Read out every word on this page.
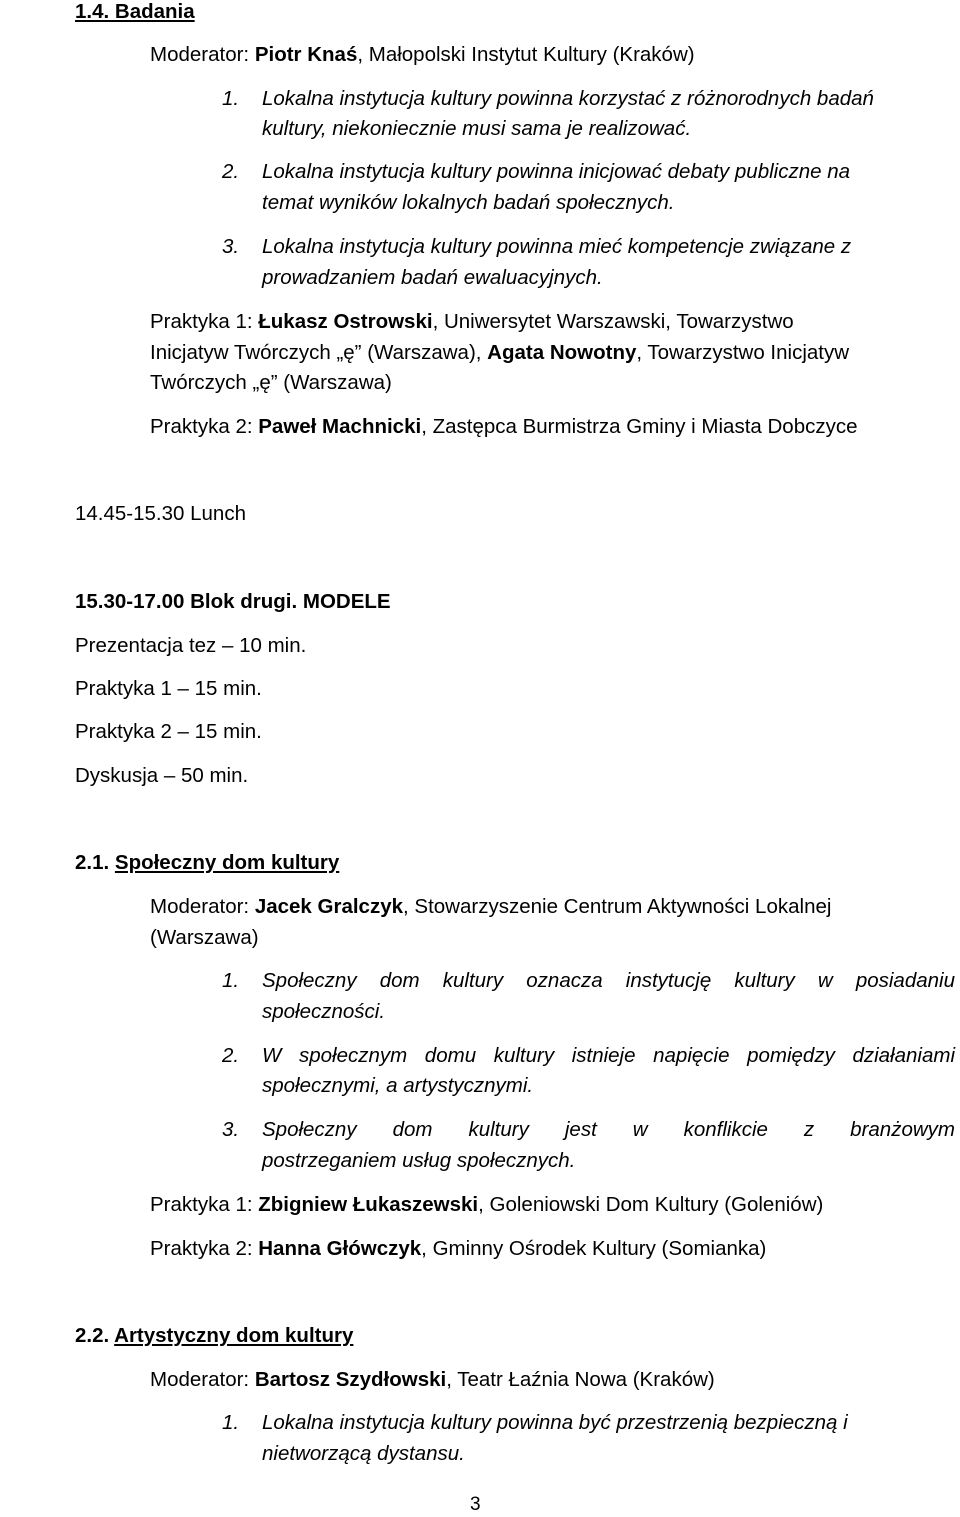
1.4. Badania
Moderator: Piotr Knaś, Małopolski Instytut Kultury (Kraków)
1. Lokalna instytucja kultury powinna korzystać z różnorodnych badań
kultury, niekoniecznie musi sama je realizować.
2. Lokalna instytucja kultury powinna inicjować debaty publiczne na
temat wyników lokalnych badań społecznych.
3. Lokalna instytucja kultury powinna mieć kompetencje związane z
prowadzaniem badań ewaluacyjnych.
Praktyka 1: Łukasz Ostrowski, Uniwersytet Warszawski, Towarzystwo
Inicjatyw Twórczych „ę” (Warszawa), Agata Nowotny, Towarzystwo Inicjatyw
Twórczych „ę” (Warszawa)
Praktyka 2: Paweł Machnicki, Zastępca Burmistrza Gminy i Miasta Dobczyce
14.45-15.30 Lunch
15.30-17.00 Blok drugi. MODELE
Prezentacja tez – 10 min.
Praktyka 1 – 15 min.
Praktyka 2 – 15 min.
Dyskusja – 50 min.
2.1. Społeczny dom kultury
Moderator: Jacek Gralczyk, Stowarzyszenie Centrum Aktywności Lokalnej
(Warszawa)
1. Społeczny dom kultury oznacza instytucję kultury w posiadaniu
społeczności.
2. W społecznym domu kultury istnieje napięcie pomiędzy działaniami
społecznymi, a artystycznymi.
3. Społeczny dom kultury jest w konflikcie z branżowym
postrzeganiem usług społecznych.
Praktyka 1: Zbigniew Łukaszewski, Goleniowski Dom Kultury (Goleniów)
Praktyka 2: Hanna Główczyk, Gminny Ośrodek Kultury (Somianka)
2.2. Artystyczny dom kultury
Moderator: Bartosz Szydłowski, Teatr Łaźnia Nowa (Kraków)
1. Lokalna instytucja kultury powinna być przestrzenią bezpieczną i
nietworzącą dystansu.
3
